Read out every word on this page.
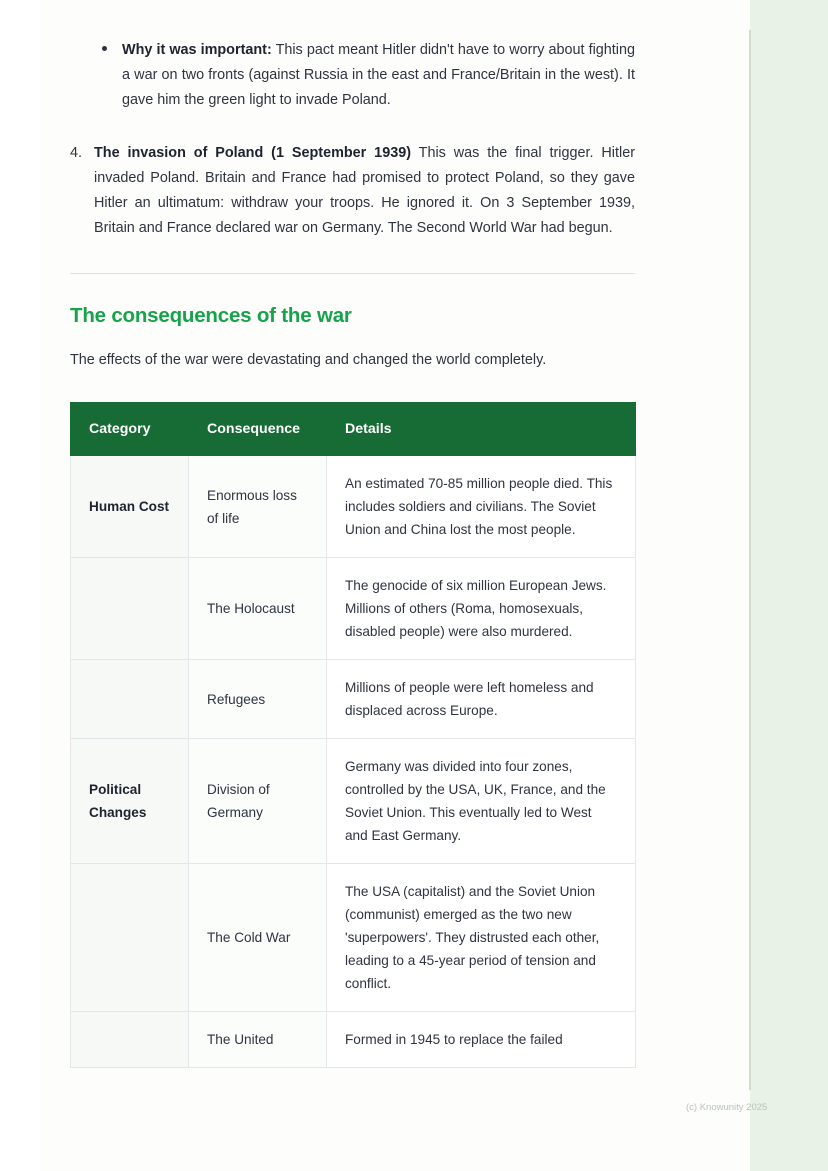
Why it was important: This pact meant Hitler didn't have to worry about fighting a war on two fronts (against Russia in the east and France/Britain in the west). It gave him the green light to invade Poland.
4. The invasion of Poland (1 September 1939) This was the final trigger. Hitler invaded Poland. Britain and France had promised to protect Poland, so they gave Hitler an ultimatum: withdraw your troops. He ignored it. On 3 September 1939, Britain and France declared war on Germany. The Second World War had begun.
The consequences of the war
The effects of the war were devastating and changed the world completely.
Category	Consequence	Details
Human Cost	Enormous loss of life	An estimated 70-85 million people died. This includes soldiers and civilians. The Soviet Union and China lost the most people.
	The Holocaust	The genocide of six million European Jews. Millions of others (Roma, homosexuals, disabled people) were also murdered.
	Refugees	Millions of people were left homeless and displaced across Europe.
Political Changes	Division of Germany	Germany was divided into four zones, controlled by the USA, UK, France, and the Soviet Union. This eventually led to West and East Germany.
	The Cold War	The USA (capitalist) and the Soviet Union (communist) emerged as the two new 'superpowers'. They distrusted each other, leading to a 45-year period of tension and conflict.
	The United	Formed in 1945 to replace the failed
(c) Knowunity 2025
